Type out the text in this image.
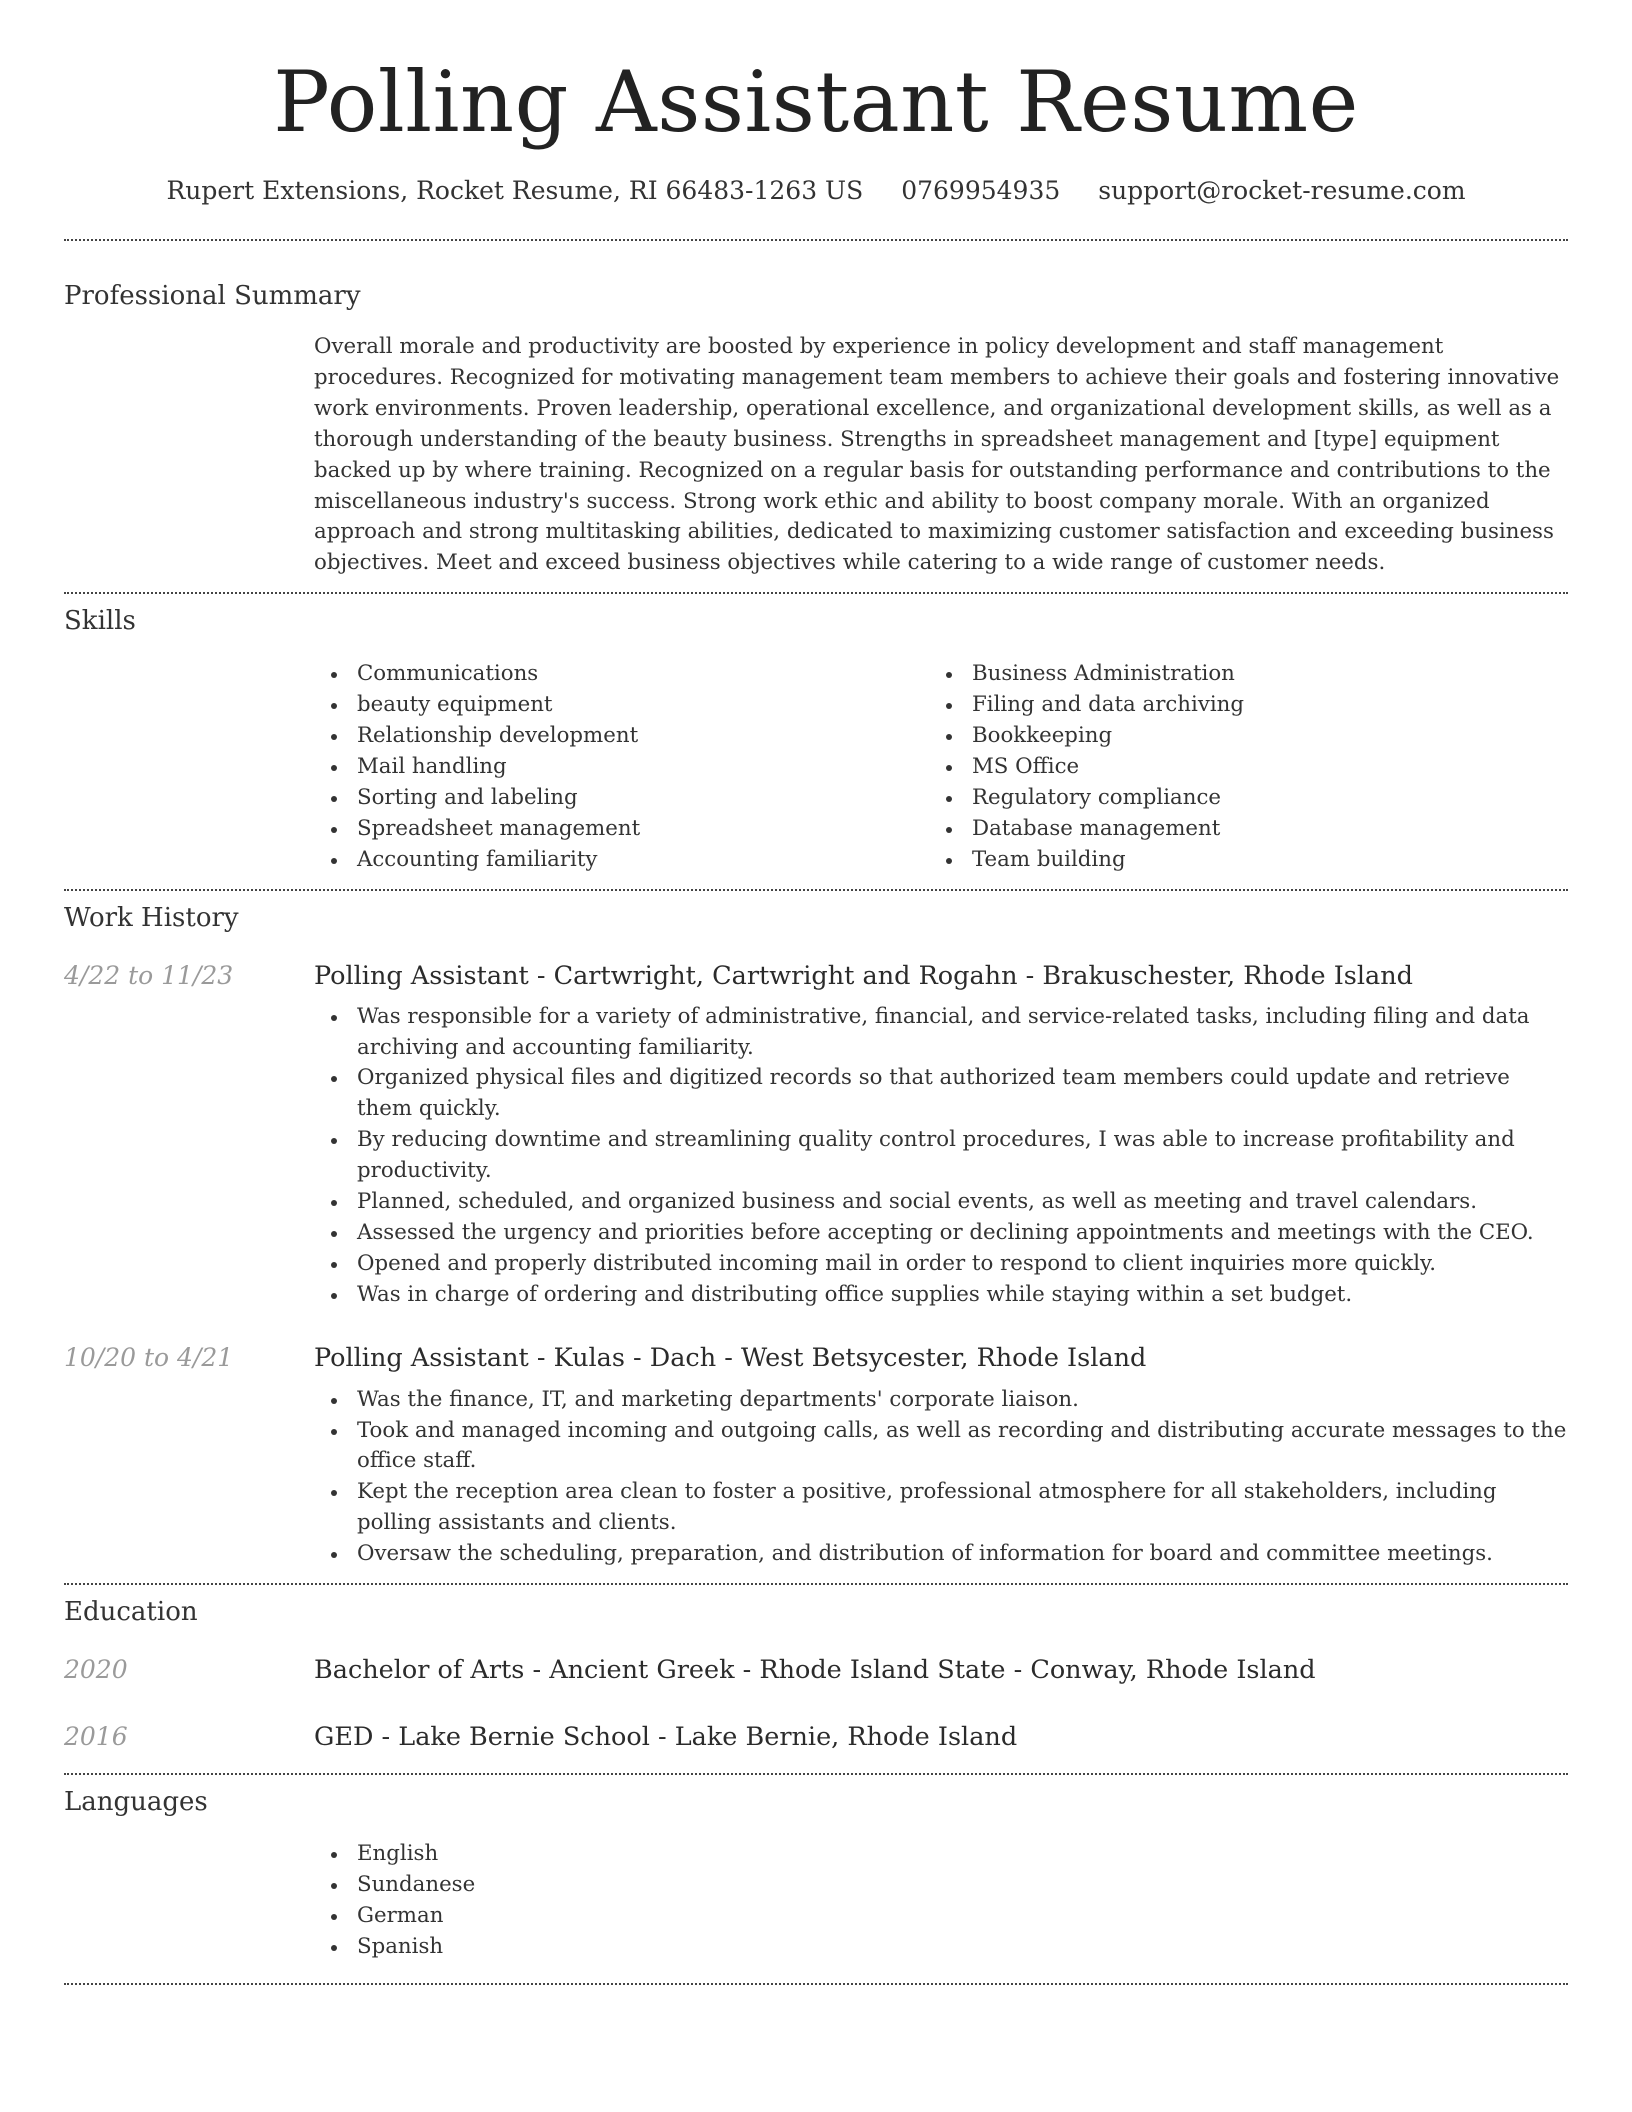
Polling Assistant Resume
Rupert Extensions, Rocket Resume, RI 66483-1263 US 0769954935 support@rocket-resume.com
Professional Summary

Overall morale and productivity are boosted by experience in policy development and staff management procedures. Recognized for motivating management team members to achieve their goals and fostering innovative work environments. Proven leadership, operational excellence, and organizational development skills, as well as a thorough understanding of the beauty business. Strengths in spreadsheet management and [type] equipment backed up by where training. Recognized on a regular basis for outstanding performance and contributions to the miscellaneous industry's success. Strong work ethic and ability to boost company morale. With an organized approach and strong multitasking abilities, dedicated to maximizing customer satisfaction and exceeding business objectives. Meet and exceed business objectives while catering to a wide range of customer needs.

Skills
Communications
beauty equipment
Relationship development
Mail handling
Sorting and labeling
Spreadsheet management
Accounting familiarity
Business Administration
Filing and data archiving
Bookkeeping
MS Office
Regulatory compliance
Database management
Team building
Work History
4/22 to 11/23	Polling Assistant - Cartwright, Cartwright and Rogahn - Brakuschester, Rhode Island
Was responsible for a variety of administrative, financial, and service-related tasks, including filing and data archiving and accounting familiarity.
Organized physical files and digitized records so that authorized team members could update and retrieve them quickly.
By reducing downtime and streamlining quality control procedures, I was able to increase profitability and productivity.
Planned, scheduled, and organized business and social events, as well as meeting and travel calendars.
Assessed the urgency and priorities before accepting or declining appointments and meetings with the CEO.
Opened and properly distributed incoming mail in order to respond to client inquiries more quickly.
Was in charge of ordering and distributing office supplies while staying within a set budget.
10/20 to 4/21	Polling Assistant - Kulas - Dach - West Betsycester, Rhode Island
Was the finance, IT, and marketing departments' corporate liaison.
Took and managed incoming and outgoing calls, as well as recording and distributing accurate messages to the office staff.
Kept the reception area clean to foster a positive, professional atmosphere for all stakeholders, including polling assistants and clients.
Oversaw the scheduling, preparation, and distribution of information for board and committee meetings.
Education
2020	Bachelor of Arts - Ancient Greek - Rhode Island State - Conway, Rhode Island
2016	GED - Lake Bernie School - Lake Bernie, Rhode Island
Languages
English
Sundanese
German
Spanish
